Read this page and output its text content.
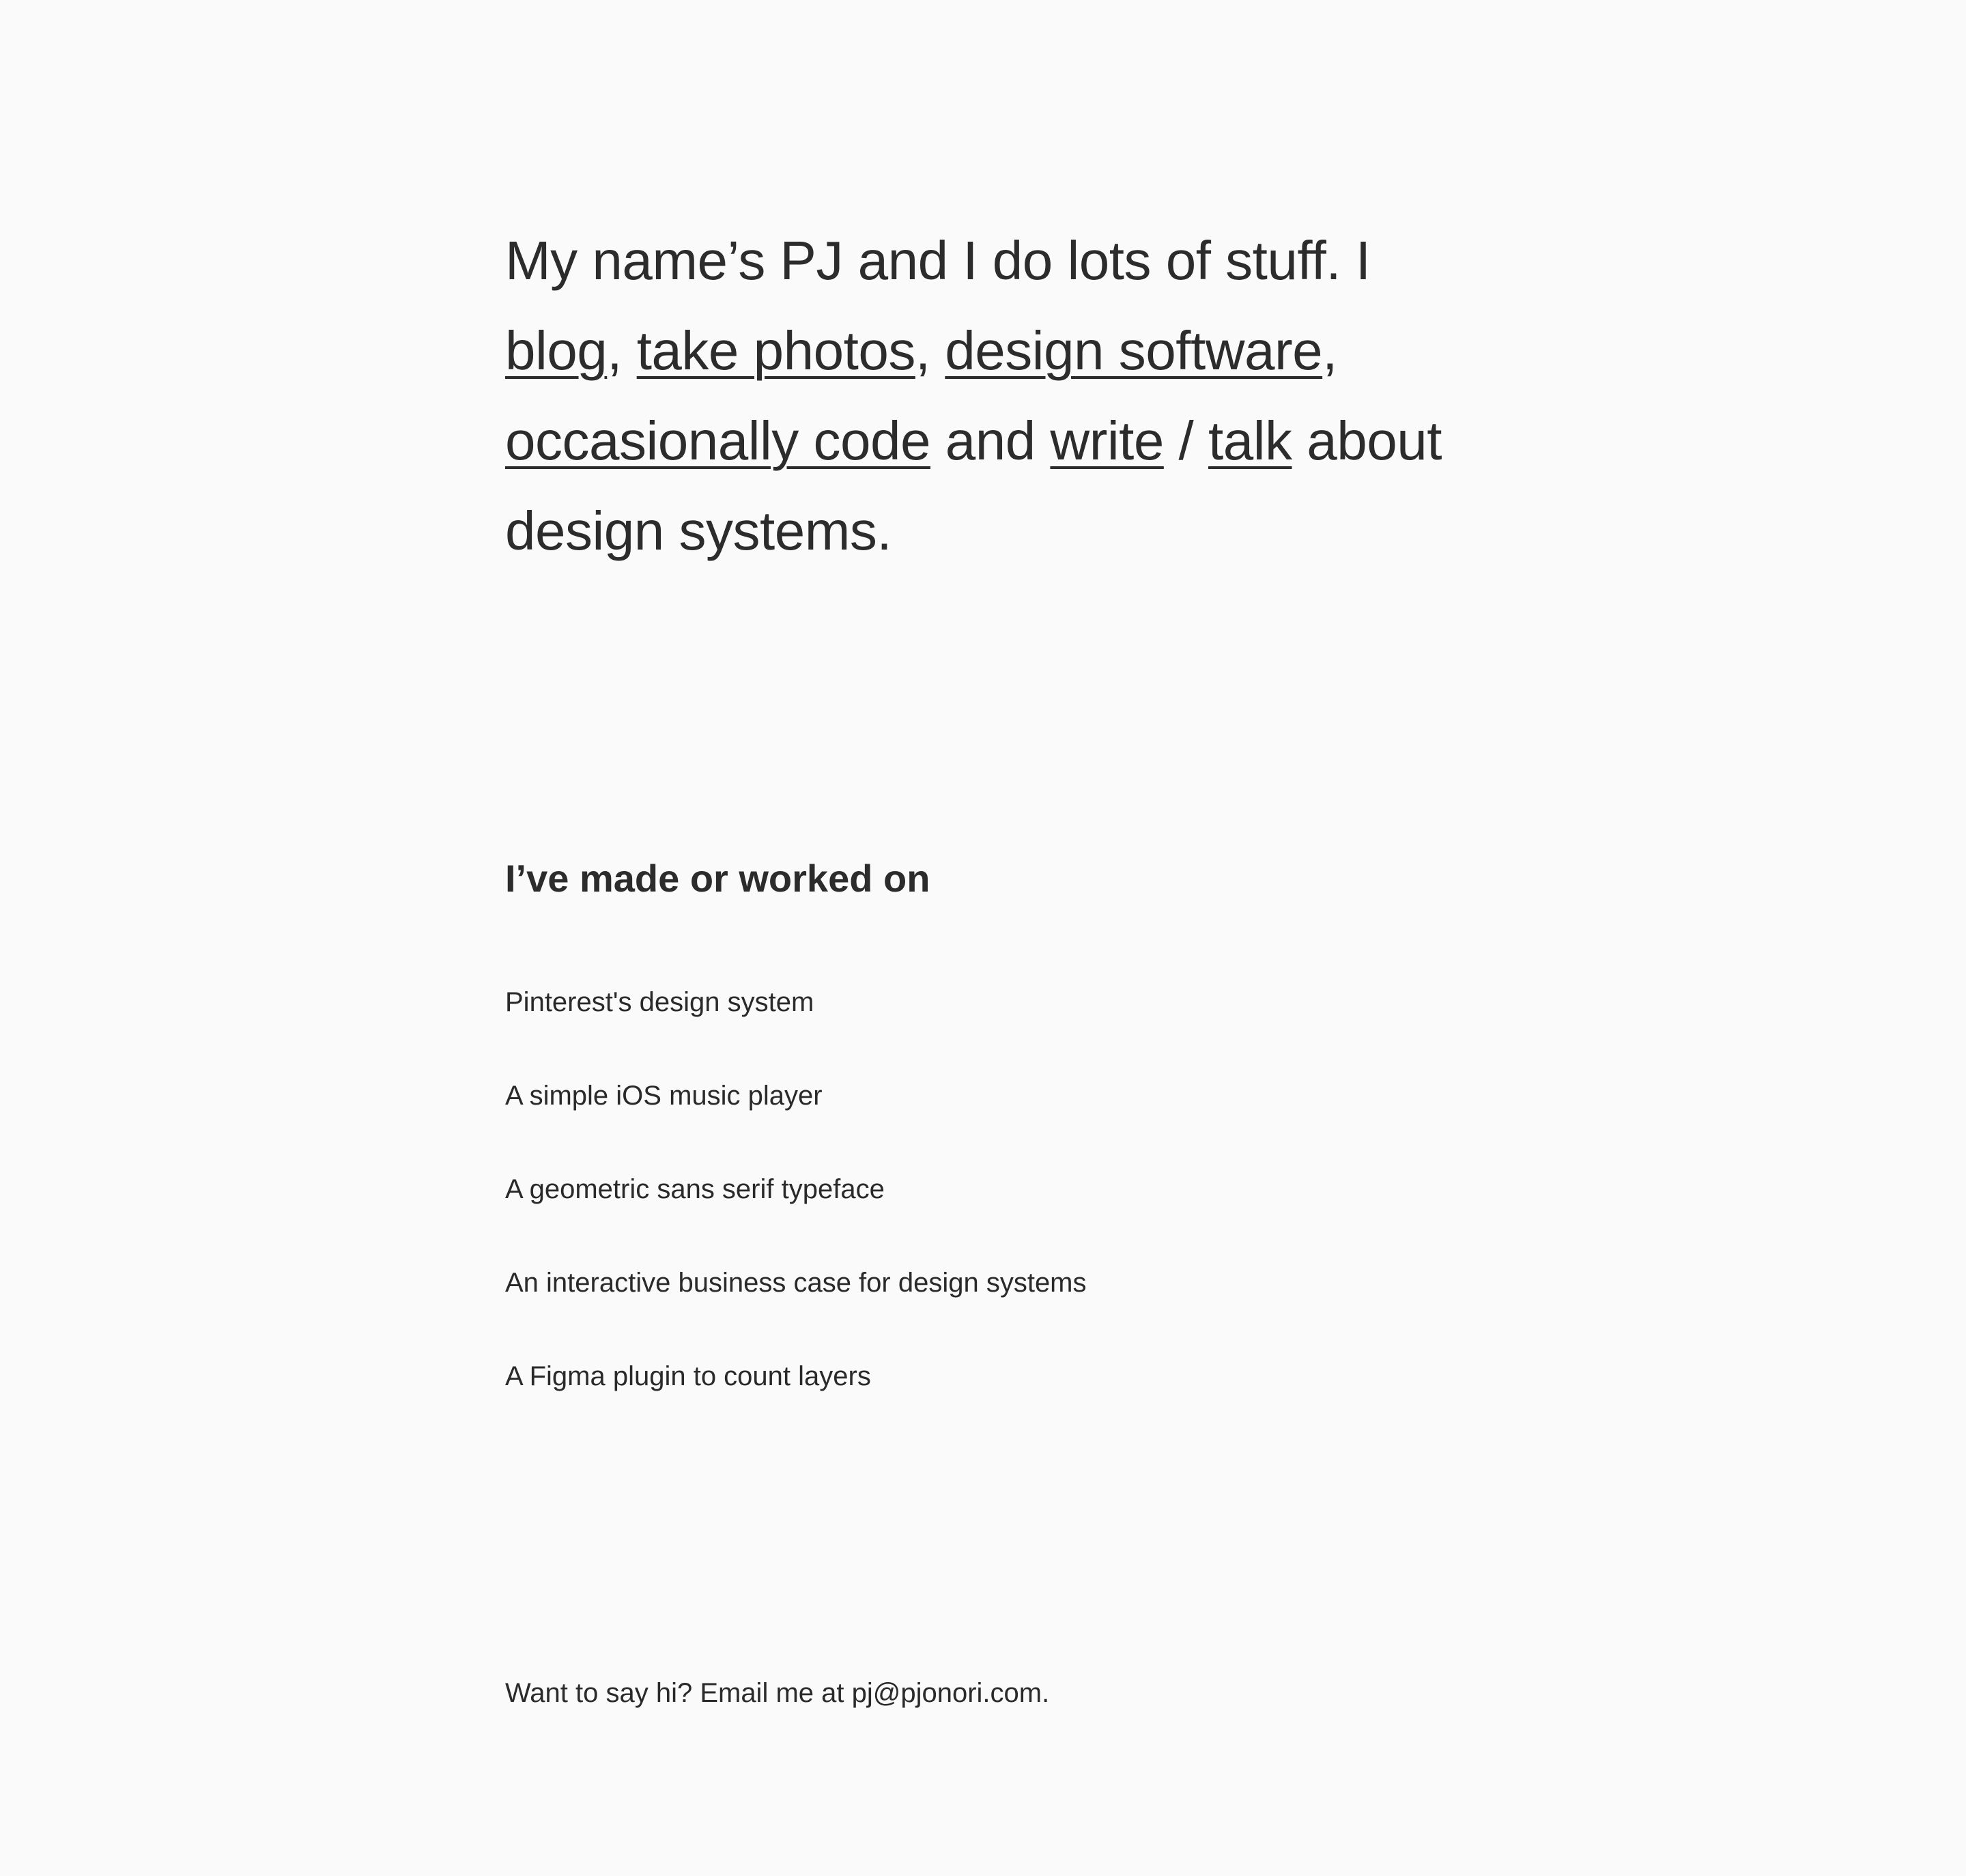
My name’s PJ and I do lots of stuff. I blog, take photos, design software, occasionally code and write / talk about design systems.

I’ve made or worked on
Pinterest's design system
A simple iOS music player
A geometric sans serif typeface
An interactive business case for design systems
A Figma plugin to count layers

Want to say hi? Email me at pj@pjonori.com.
